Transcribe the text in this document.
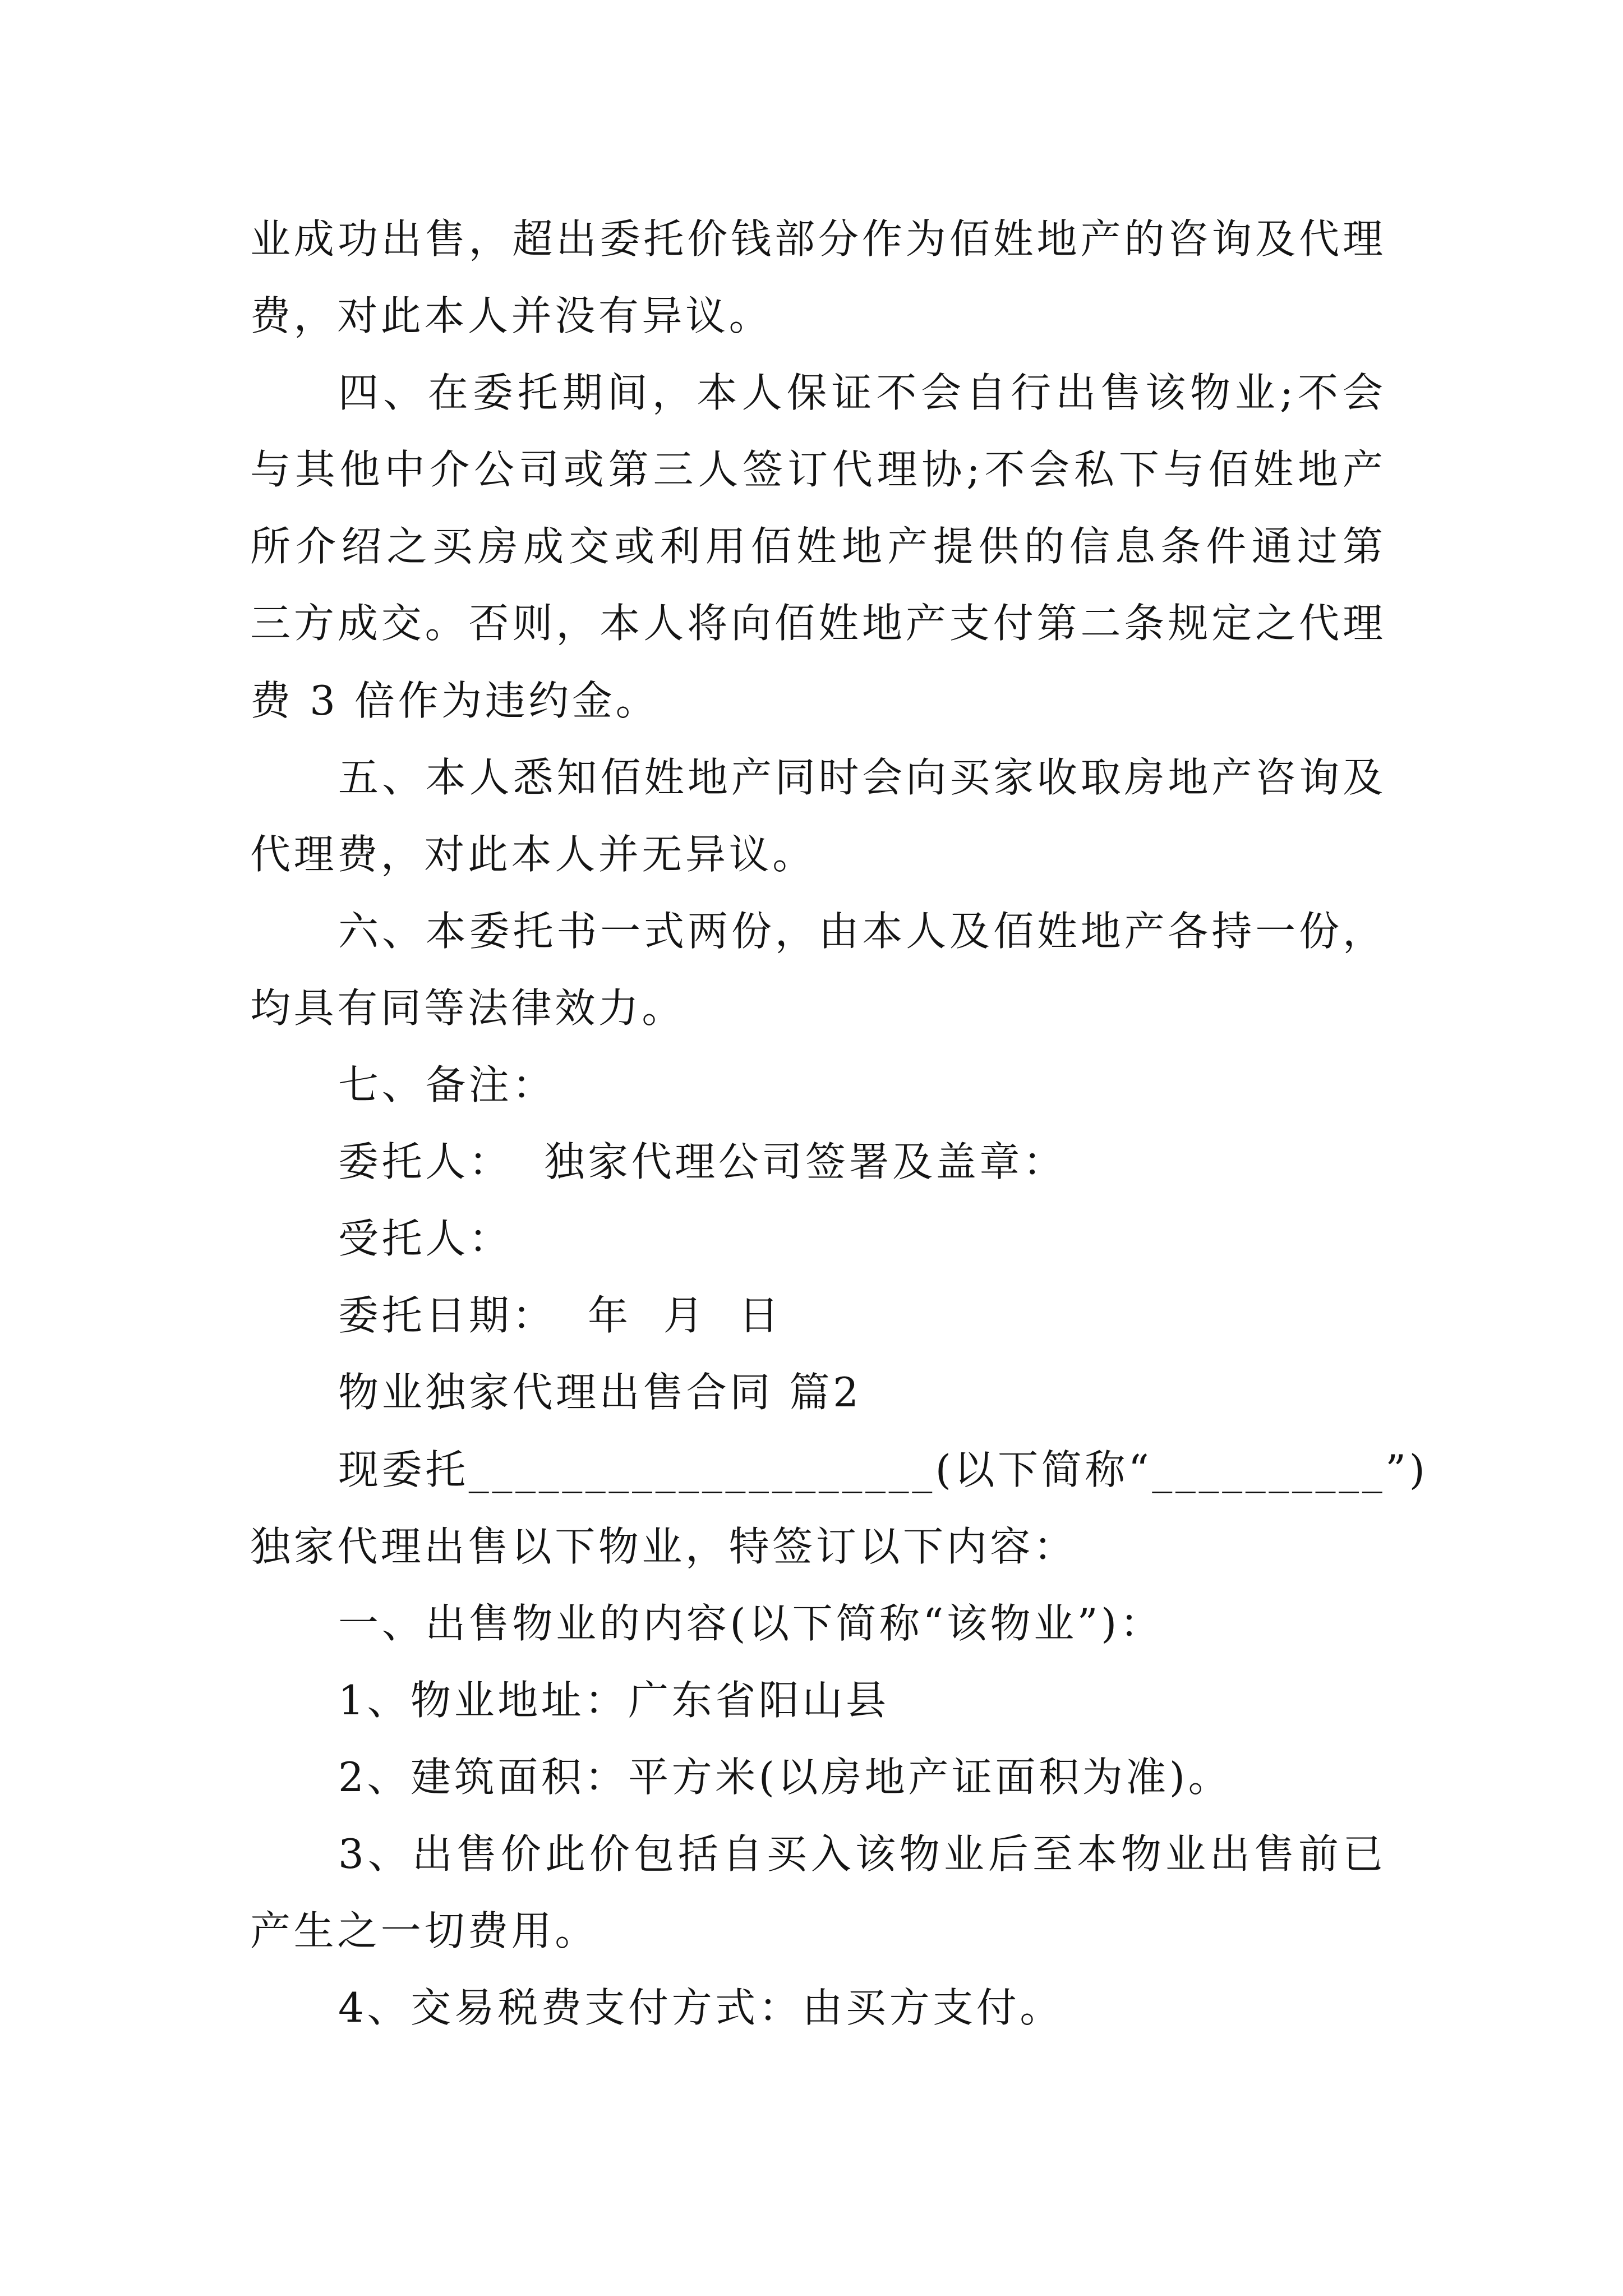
业成功出售，超出委托价钱部分作为佰姓地产的咨询及代理
费，对此本人并没有异议。
四、在委托期间，本人保证不会自行出售该物业;不会
与其他中介公司或第三人签订代理协;不会私下与佰姓地产
所介绍之买房成交或利用佰姓地产提供的信息条件通过第
三方成交。否则，本人将向佰姓地产支付第二条规定之代理
费 3 倍作为违约金。
五、本人悉知佰姓地产同时会向买家收取房地产咨询及
代理费，对此本人并无异议。
六、本委托书一式两份，由本人及佰姓地产各持一份，
均具有同等法律效力。
七、备注：
委托人：  独家代理公司签署及盖章：
受托人：
委托日期：  年  月  日
物业独家代理出售合同 篇2
现委托____________________(以下简称“__________”)
独家代理出售以下物业，特签订以下内容：
一、出售物业的内容(以下简称“该物业”)：
1、物业地址：广东省阳山县
2、建筑面积：平方米(以房地产证面积为准)。
3、出售价此价包括自买入该物业后至本物业出售前已
产生之一切费用。
4、交易税费支付方式：由买方支付。
